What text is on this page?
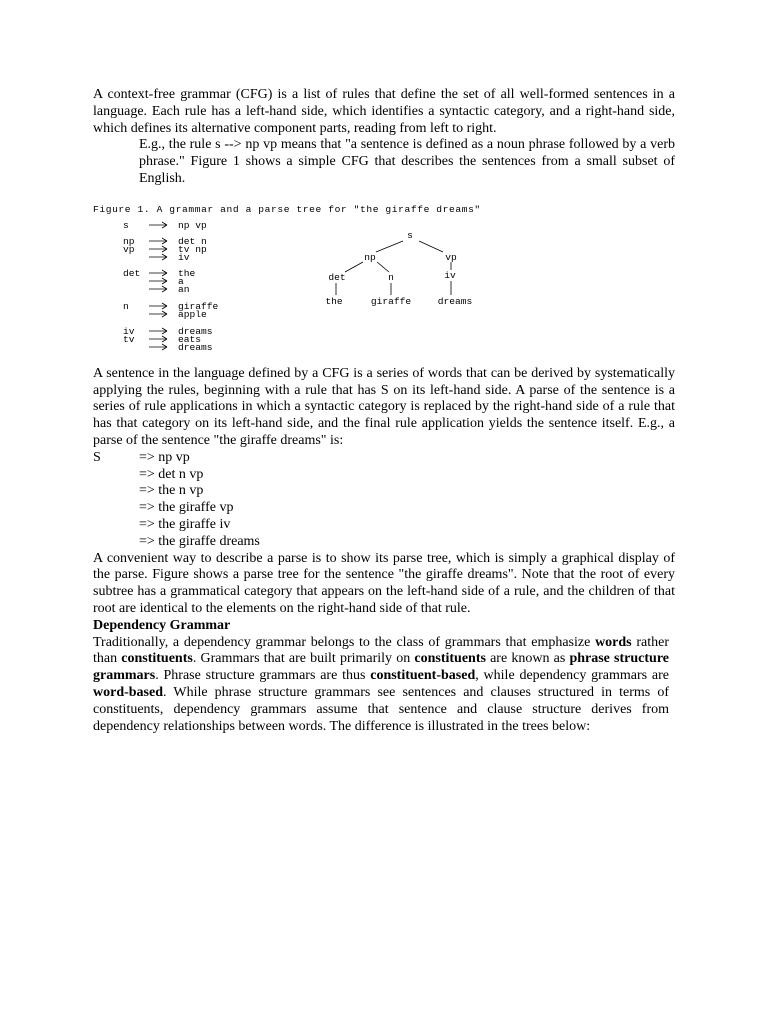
A context-free grammar (CFG) is a list of rules that define the set of all well-formed sentences in a language. Each rule has a left-hand side, which identifies a syntactic category, and a right-hand side, which defines its alternative component parts, reading from left to right.

E.g., the rule s --> np vp means that "a sentence is defined as a noun phrase followed by a verb phrase." Figure 1 shows a simple CFG that describes the sentences from a small subset of English.

Figure 1. A grammar and a parse tree for "the giraffe dreams"
s	np vp
np	det n
vp	tv np
iv
det	the
a
an
n	giraffe
apple
iv	dreams
tv	eats
dreams
s
np	vp
det	n	iv
the	giraffe	dreams

A sentence in the language defined by a CFG is a series of words that can be derived by systematically applying the rules, beginning with a rule that has S on its left-hand side. A parse of the sentence is a series of rule applications in which a syntactic category is replaced by the right-hand side of a rule that has that category on its left-hand side, and the final rule application yields the sentence itself. E.g., a parse of the sentence "the giraffe dreams" is:

S	=> np vp
=> det n vp
=> the n vp
=> the giraffe vp
=> the giraffe iv
=> the giraffe dreams

A convenient way to describe a parse is to show its parse tree, which is simply a graphical display of the parse. Figure shows a parse tree for the sentence "the giraffe dreams". Note that the root of every subtree has a grammatical category that appears on the left-hand side of a rule, and the children of that root are identical to the elements on the right-hand side of that rule.

Dependency Grammar

Traditionally, a dependency grammar belongs to the class of grammars that emphasize words rather than constituents. Grammars that are built primarily on constituents are known as phrase structure grammars. Phrase structure grammars are thus constituent-based, while dependency grammars are word-based. While phrase structure grammars see sentences and clauses structured in terms of constituents, dependency grammars assume that sentence and clause structure derives from dependency relationships between words. The difference is illustrated in the trees below:
